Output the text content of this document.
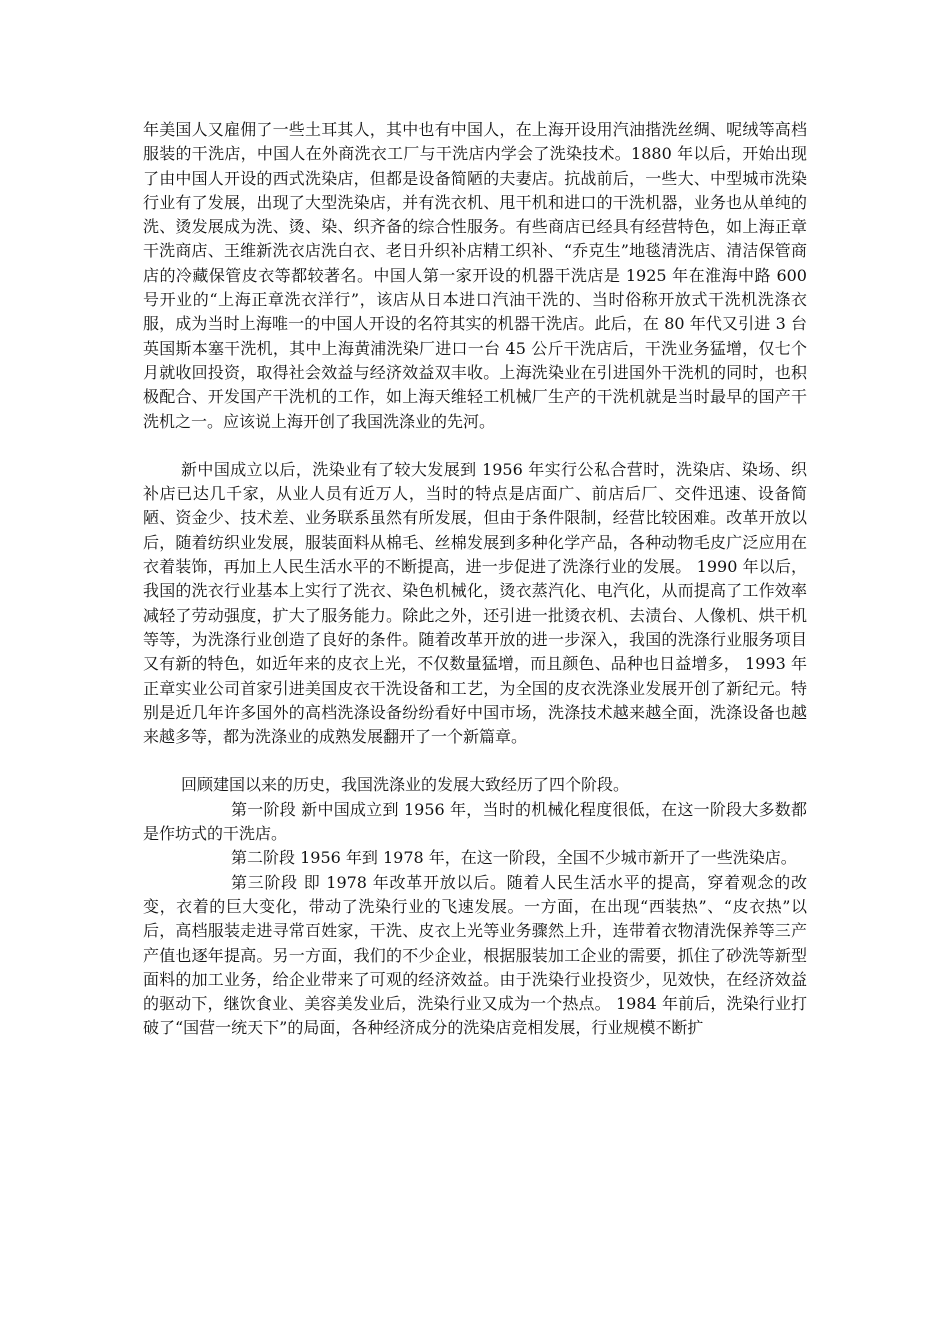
年美国人又雇佣了一些土耳其人，其中也有中国人，在上海开设用汽油揩洗丝绸、呢绒等高档服装的干洗店，中国人在外商洗衣工厂与干洗店内学会了洗染技术。1880 年以后，开始出现了由中国人开设的西式洗染店，但都是设备简陋的夫妻店。抗战前后，一些大、中型城市洗染行业有了发展，出现了大型洗染店，并有洗衣机、甩干机和进口的干洗机器，业务也从单纯的洗、烫发展成为洗、烫、染、织齐备的综合性服务。有些商店已经具有经营特色，如上海正章干洗商店、王维新洗衣店洗白衣、老日升织补店精工织补、“乔克生”地毯清洗店、清洁保管商店的冷藏保管皮衣等都较著名。中国人第一家开设的机器干洗店是 1925 年在淮海中路 600 号开业的“上海正章洗衣洋行”，该店从日本进口汽油干洗的、当时俗称开放式干洗机洗涤衣服，成为当时上海唯一的中国人开设的名符其实的机器干洗店。此后，在 80 年代又引进 3 台英国斯本塞干洗机，其中上海黄浦洗染厂进口一台 45 公斤干洗店后，干洗业务猛增，仅七个月就收回投资，取得社会效益与经济效益双丰收。上海洗染业在引进国外干洗机的同时，也积极配合、开发国产干洗机的工作，如上海天维轻工机械厂生产的干洗机就是当时最早的国产干洗机之一。应该说上海开创了我国洗涤业的先河。

新中国成立以后，洗染业有了较大发展到 1956 年实行公私合营时，洗染店、染场、织补店已达几千家，从业人员有近万人，当时的特点是店面广、前店后厂、交件迅速、设备简陋、资金少、技术差、业务联系虽然有所发展，但由于条件限制，经营比较困难。改革开放以后，随着纺织业发展，服装面料从棉毛、丝棉发展到多种化学产品，各种动物毛皮广泛应用在衣着装饰，再加上人民生活水平的不断提高，进一步促进了洗涤行业的发展。 1990 年以后，我国的洗衣行业基本上实行了洗衣、染色机械化，烫衣蒸汽化、电汽化，从而提高了工作效率减轻了劳动强度，扩大了服务能力。除此之外，还引进一批烫衣机、去渍台、人像机、烘干机等等，为洗涤行业创造了良好的条件。随着改革开放的进一步深入，我国的洗涤行业服务项目又有新的特色，如近年来的皮衣上光，不仅数量猛增，而且颜色、品种也日益增多， 1993 年正章实业公司首家引进美国皮衣干洗设备和工艺，为全国的皮衣洗涤业发展开创了新纪元。特别是近几年许多国外的高档洗涤设备纷纷看好中国市场，洗涤技术越来越全面，洗涤设备也越来越多等，都为洗涤业的成熟发展翻开了一个新篇章。

回顾建国以来的历史，我国洗涤业的发展大致经历了四个阶段。

第一阶段 新中国成立到 1956 年，当时的机械化程度很低，在这一阶段大多数都是作坊式的干洗店。

第二阶段 1956 年到 1978 年，在这一阶段，全国不少城市新开了一些洗染店。

第三阶段 即 1978 年改革开放以后。随着人民生活水平的提高，穿着观念的改变，衣着的巨大变化，带动了洗染行业的飞速发展。一方面，在出现“西装热”、“皮衣热”以后，高档服装走进寻常百姓家，干洗、皮衣上光等业务骤然上升，连带着衣物清洗保养等三产产值也逐年提高。另一方面，我们的不少企业，根据服装加工企业的需要，抓住了砂洗等新型面料的加工业务，给企业带来了可观的经济效益。由于洗染行业投资少，见效快，在经济效益的驱动下，继饮食业、美容美发业后，洗染行业又成为一个热点。 1984 年前后，洗染行业打破了“国营一统天下”的局面，各种经济成分的洗染店竞相发展，行业规模不断扩
